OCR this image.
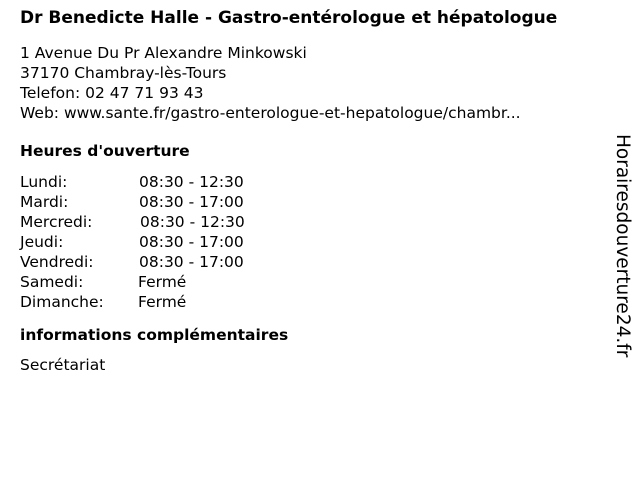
Dr Benedicte Halle - Gastro-entérologue et hépatologue
1 Avenue Du Pr Alexandre Minkowski
37170 Chambray-lès-Tours
Telefon: 02 47 71 93 43
Web: www.sante.fr/gastro-enterologue-et-hepatologue/chambr...
Heures d'ouverture
Lundi:	08:30 - 12:30
Mardi:	08:30 - 17:00
Mercredi:	08:30 - 12:30
Jeudi:	08:30 - 17:00
Vendredi:	08:30 - 17:00
Samedi:	Fermé
Dimanche: Fermé
informations complémentaires
Secrétariat
Horairesdouverture24.fr
